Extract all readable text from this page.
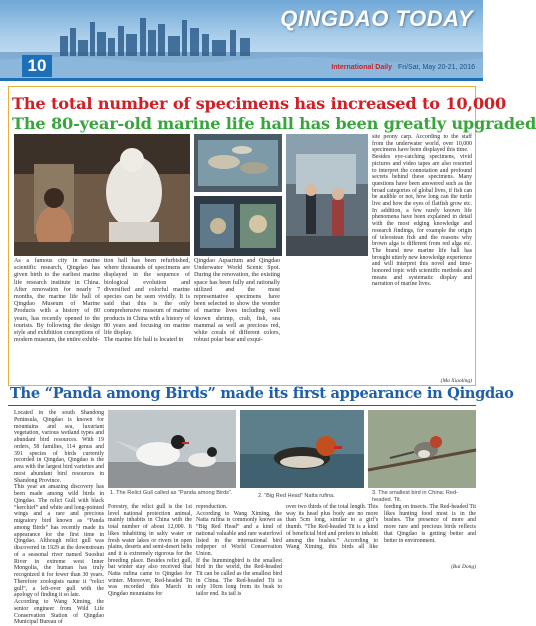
QINGDAO TODAY
10	International Daily Fri/Sat, May 20-21, 2016
The total number of specimens has increased to 10,000
The 80-year-old marine life hall has been greatly upgraded

As a famous city in marine scientific research, Qingdao has given birth to the earliest marine life research institute in China. After renovation for nearly 7 months, the marine life hall of Qingdao Museum of Marine Products with a history of 80 years, has recently opened to the tourists. By following the design style and exhibition conceptions of modern museum, the entire exhibi-

tion hall has been refurbished, where thousands of specimens are displayed in the sequence of biological evolution and diversified and colorful marine species can be seen vividly. It is said that this is the only comprehensive museum of marine products in China with a history of 80 years and focusing on marine life display.
The marine life hall is located in

Qingdao Aquarium and Qingdao Underwater World Scenic Spot. During the renovation, the existing space has been fully and rationally utilized and the most representative specimens have been selected to show the wonder of marine lives including well known shrimp, crab, fish, sea mammal as well as precious red, white corals of different colors, robust polar bear and exqui-

site peony carp. According to the staff from the underwater world, over 10,000 specimens have been displayed this time.
Besides eye-catching specimens, vivid pictures and video tapes are also resorted to interpret the connotation and profound secrets behind these specimens. Many questions have been answered such as the broad categories of global lives, if fish can be audible or not, how long can the turtle live and how the eyes of flatfish grow etc. In addition, a few rarely known life phenomena have been explained in detail with the most edging knowledge and research findings, for example the origin of teleostean fish and the reasons why brown alga is different from red alga etc. The brand new marine life hall has brought utterly new knowledge experience and will interpret this novel and time-honored topic with scientific methods and means and systematic display and narration of marine lives.

(Ma Xiaoling)
The “Panda among Birds” made its first appearance in Qingdao

Located in the south Shandong Peninsula, Qingdao is known for mountains and sea, luxuriant vegetation, various wetland types and abundant bird resources. With 19 orders, 58 families, 114 genus and 391 species of birds currently recorded in Qingdao, Qingdao is the area with the largest bird varieties and most abundant bird resources in Shandong Province.
This year an amazing discovery has been made among wild birds in Qingdao. The relict Gull with black “kerchief” and white and long-pointed wings and a rare and precious migratory bird known as “Panda among Birds” has recently made its appearance for the first time in Qingdao. Although relict gull was discovered in 1929 at the downstream of a seasonal river named Suoshui River in extreme west Inner Mongolia, the human has truly recognized it for fewer than 30 years. Therefore zoologists name it “relict gull”, a left-over gull with the apology of finding it so late.
According to Wang Ximing, the senior engineer from Wild Life Conservation Station of Qingdao Municipal Bureau of

1. The Relict Gull called as “Panda among Birds”.	2. “Big Red Head” Natta rufina.	3. The smallest bird in China: Red-headed. Tit.

Forestry, the relict gull is the 1st level national protection animal, mainly inhabits in China with the total number of about 12,000. It likes inhabiting in salty water or fresh water lakes or rivers in open plains, deserts and semi-desert belts and it is extremely rigorous for the breeding place. Besides relict gull, bat winter stay also received that Natta rufina came to Qingdao for winter. Moreover, Red-headed Tit was recorded this March in Qingdao mountains for

reproduction.
According to Wang Ximing, the Natta rufina is commonly known as “Big Red Head” and a kind of national valuable and rare waterfowl listed in the international bird redpeper of World Conservation Union.
If the hummingbird is the smallest bird in the world, the Red-headed Tit can be called as the smallest bird in China. The Red-headed Tit is only 10cm long from its beak to tailor end. Its tail is

over two thirds of the total length. This way its head plus body are no more than 5cm long, similar to a girl’s thumb. “The Red-headed Tit is a kind of beneficial bird and prefers to inhabit among the bushes.” According to Wang Ximing, this birds all like feeding on insects. The Red-headed Tit likes hunting food most is in the bushes. The presence of more and more rare and precious birds reflects that Qingdao is getting better and better in environment.

(Bai Dong)
